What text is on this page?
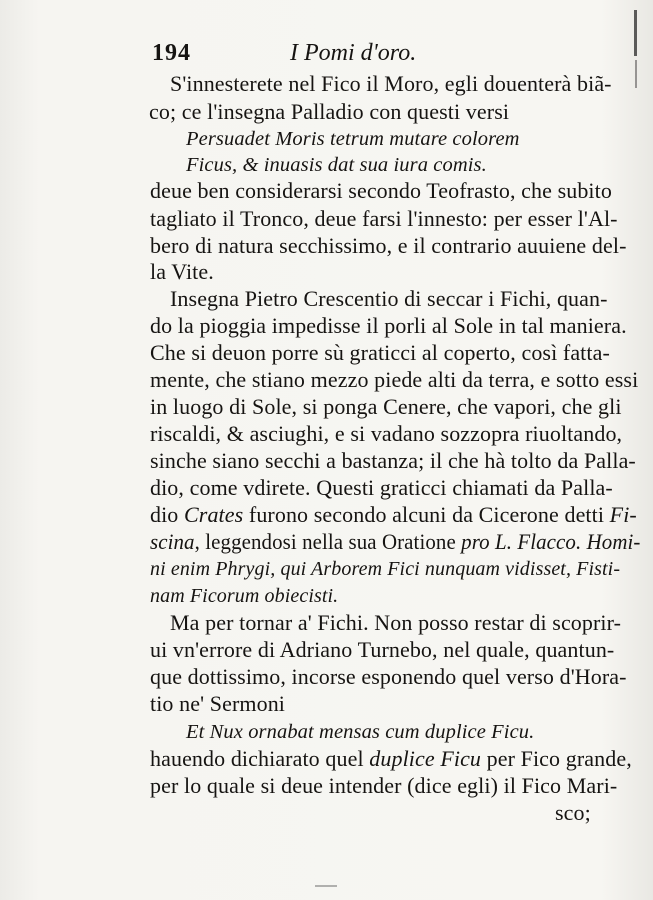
194	I Pomi d'oro.
S'innesterete nel Fico il Moro, egli douenterà biã-
co; ce l'insegna Palladio con questi versi
Persuadet Moris tetrum mutare colorem
Ficus, & inuasis dat sua iura comis.
deue ben considerarsi secondo Teofrasto, che subito
tagliato il Tronco, deue farsi l'innesto: per esser l'Al-
bero di natura secchissimo, e il contrario auuiene del-
la Vite.
Insegna Pietro Crescentio di seccar i Fichi, quan-
do la pioggia impedisse il porli al Sole in tal maniera.
Che si deuon porre sù graticci al coperto, così fatta-
mente, che stiano mezzo piede alti da terra, e sotto essi
in luogo di Sole, si ponga Cenere, che vapori, che gli
riscaldi, & asciughi, e si vadano sozzopra riuoltando,
sinche siano secchi a bastanza; il che hà tolto da Palla-
dio, come vdirete. Questi graticci chiamati da Palla-
dio Crates furono secondo alcuni da Cicerone detti Fi-
scina, leggendosi nella sua Oratione pro L. Flacco. Homi-
ni enim Phrygi, qui Arborem Fici nunquam vidisset, Fisti-
nam Ficorum obiecisti.
Ma per tornar a' Fichi. Non posso restar di scoprir-
ui vn'errore di Adriano Turnebo, nel quale, quantun-
que dottissimo, incorse esponendo quel verso d'Hora-
tio ne' Sermoni
Et Nux ornabat mensas cum duplice Ficu.
hauendo dichiarato quel duplice Ficu per Fico grande,
per lo quale si deue intender (dice egli) il Fico Mari-
sco;
